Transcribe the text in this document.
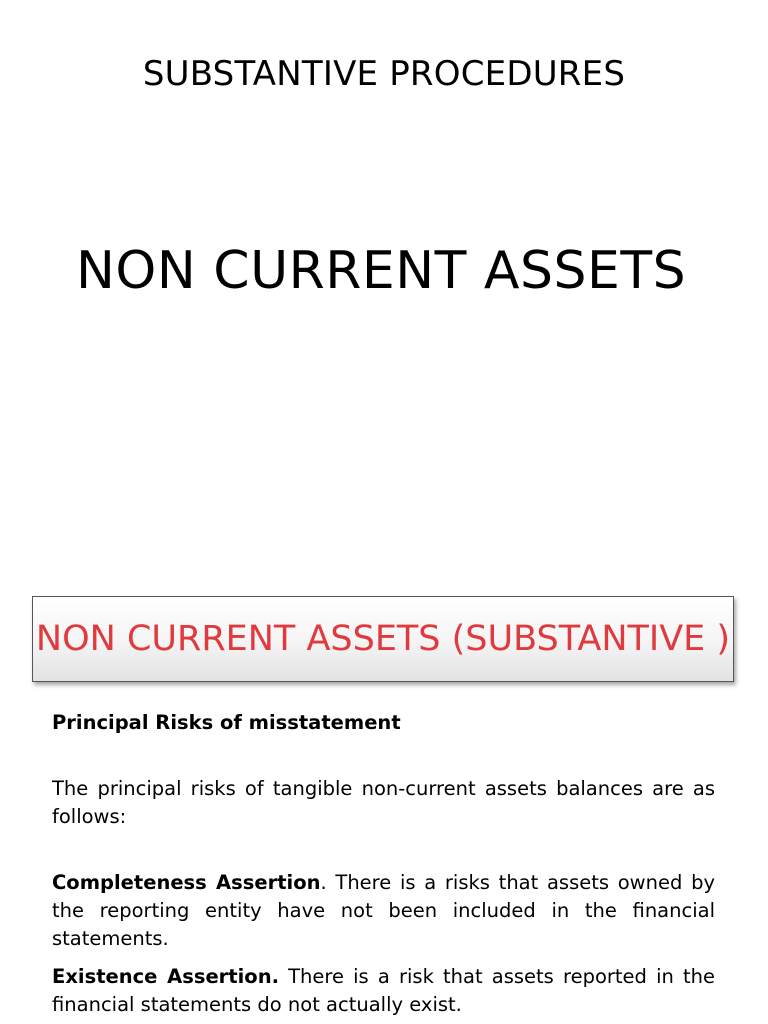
SUBSTANTIVE PROCEDURES
NON CURRENT ASSETS
NON CURRENT ASSETS (SUBSTANTIVE )
Principal Risks of misstatement
The principal risks of tangible non-current assets balances are as follows:
Completeness Assertion. There is a risks that assets owned by the reporting entity have not been included in the financial statements.
Existence Assertion. There is a risk that assets reported in the financial statements do not actually exist.
